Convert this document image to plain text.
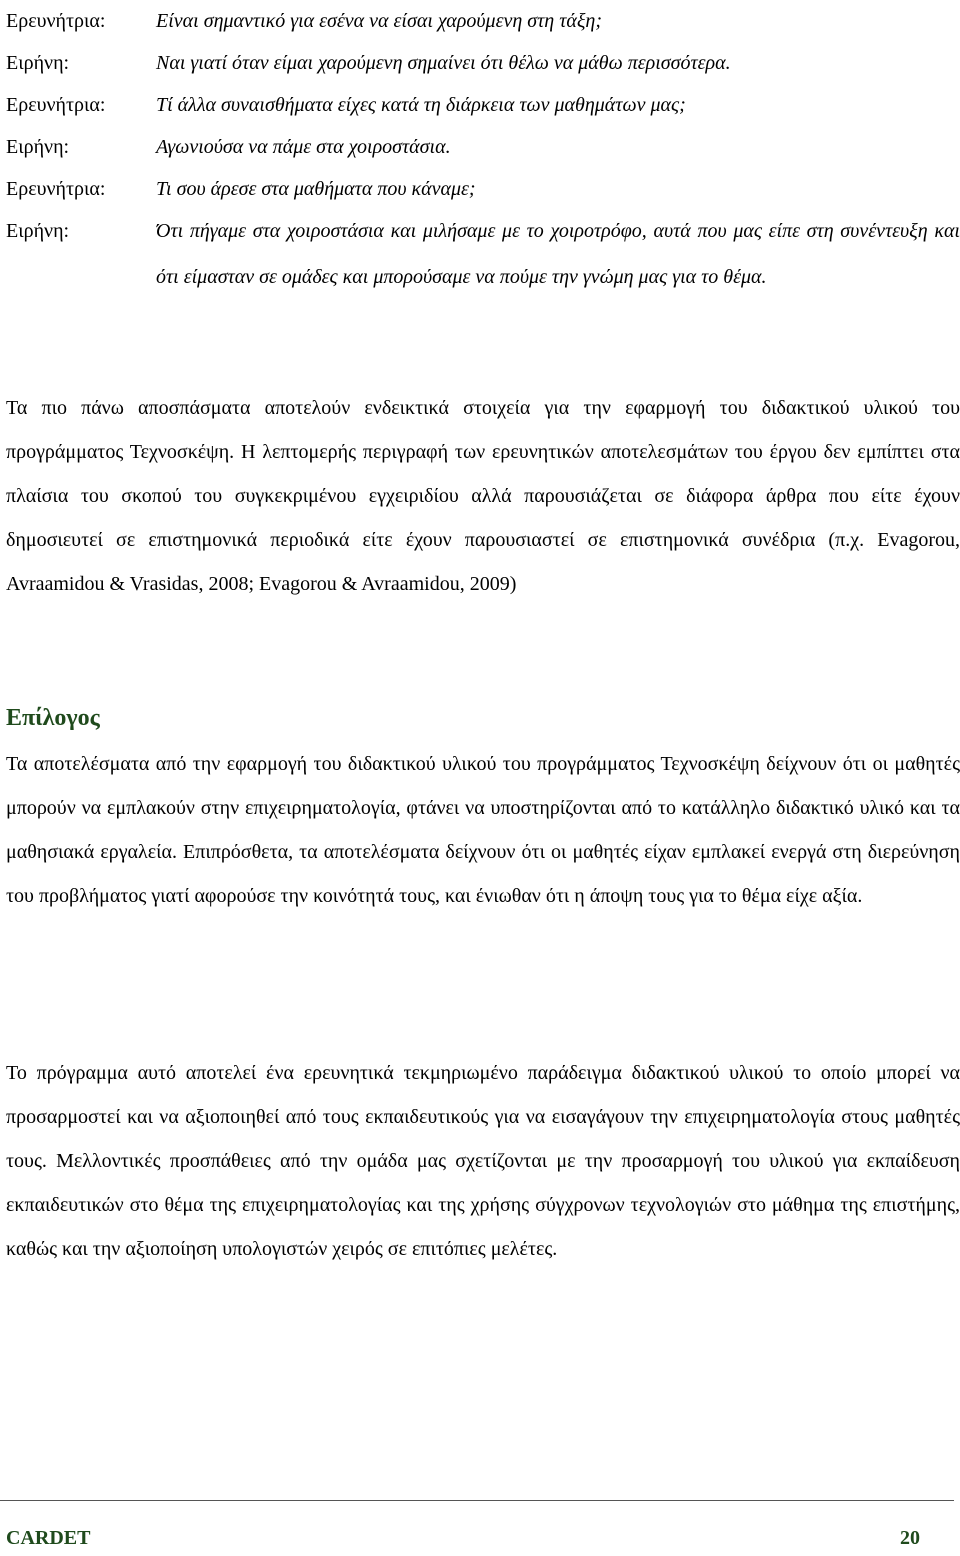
Ερευνήτρια:	Είναι σημαντικό για εσένα να είσαι χαρούμενη στη τάξη;
Ειρήνη:	Ναι γιατί όταν είμαι χαρούμενη σημαίνει ότι θέλω να μάθω περισσότερα.
Ερευνήτρια:	Τί άλλα συναισθήματα είχες κατά τη διάρκεια των μαθημάτων μας;
Ειρήνη:	Αγωνιούσα να πάμε στα χοιροστάσια.
Ερευνήτρια:	Τι σου άρεσε στα μαθήματα που κάναμε;
Ειρήνη:	Ότι πήγαμε στα χοιροστάσια και μιλήσαμε με το χοιροτρόφο, αυτά που μας είπε στη συνέντευξη και ότι είμασταν σε ομάδες και μπορούσαμε να πούμε την γνώμη μας για το θέμα.

Τα πιο πάνω αποσπάσματα αποτελούν ενδεικτικά στοιχεία για την εφαρμογή του διδακτικού υλικού του προγράμματος Τεχνοσκέψη. Η λεπτομερής περιγραφή των ερευνητικών αποτελεσμάτων του έργου δεν εμπίπτει στα πλαίσια του σκοπού του συγκεκριμένου εγχειριδίου αλλά παρουσιάζεται σε διάφορα άρθρα που είτε έχουν δημοσιευτεί σε επιστημονικά περιοδικά είτε έχουν παρουσιαστεί σε επιστημονικά συνέδρια (π.χ. Evagorou, Avraamidou & Vrasidas, 2008; Evagorou & Avraamidou, 2009)

Επίλογος

Τα αποτελέσματα από την εφαρμογή του διδακτικού υλικού του προγράμματος Τεχνοσκέψη δείχνουν ότι οι μαθητές μπορούν να εμπλακούν στην επιχειρηματολογία, φτάνει να υποστηρίζονται από το κατάλληλο διδακτικό υλικό και τα μαθησιακά εργαλεία. Επιπρόσθετα, τα αποτελέσματα δείχνουν ότι οι μαθητές είχαν εμπλακεί ενεργά στη διερεύνηση του προβλήματος γιατί αφορούσε την κοινότητά τους, και ένιωθαν ότι η άποψη τους για το θέμα είχε αξία.

Το πρόγραμμα αυτό αποτελεί ένα ερευνητικά τεκμηριωμένο παράδειγμα διδακτικού υλικού το οποίο μπορεί να προσαρμοστεί και να αξιοποιηθεί από τους εκπαιδευτικούς για να εισαγάγουν την επιχειρηματολογία στους μαθητές τους. Μελλοντικές προσπάθειες από την ομάδα μας σχετίζονται με την προσαρμογή του υλικού για εκπαίδευση εκπαιδευτικών στο θέμα της επιχειρηματολογίας και της χρήσης σύγχρονων τεχνολογιών στο μάθημα της επιστήμης, καθώς και την αξιοποίηση υπολογιστών χειρός σε επιτόπιες μελέτες.

CARDET	20
